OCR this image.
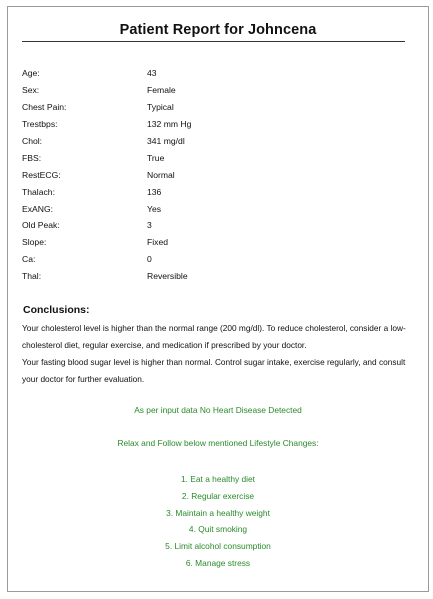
Patient Report for Johncena
Age:	43
Sex:	Female
Chest Pain:	Typical
Trestbps:	132 mm Hg
Chol:	341 mg/dl
FBS:	True
RestECG:	Normal
Thalach:	136
ExANG:	Yes
Old Peak:	3
Slope:	Fixed
Ca:	0
Thal:	Reversible
Conclusions:

Your cholesterol level is higher than the normal range (200 mg/dl). To reduce cholesterol, consider a low-cholesterol diet, regular exercise, and medication if prescribed by your doctor.

Your fasting blood sugar level is higher than normal. Control sugar intake, exercise regularly, and consult your doctor for further evaluation.

As per input data No Heart Disease Detected
Relax and Follow below mentioned Lifestyle Changes:
1. Eat a healthy diet
2. Regular exercise
3. Maintain a healthy weight
4. Quit smoking
5. Limit alcohol consumption
6. Manage stress
